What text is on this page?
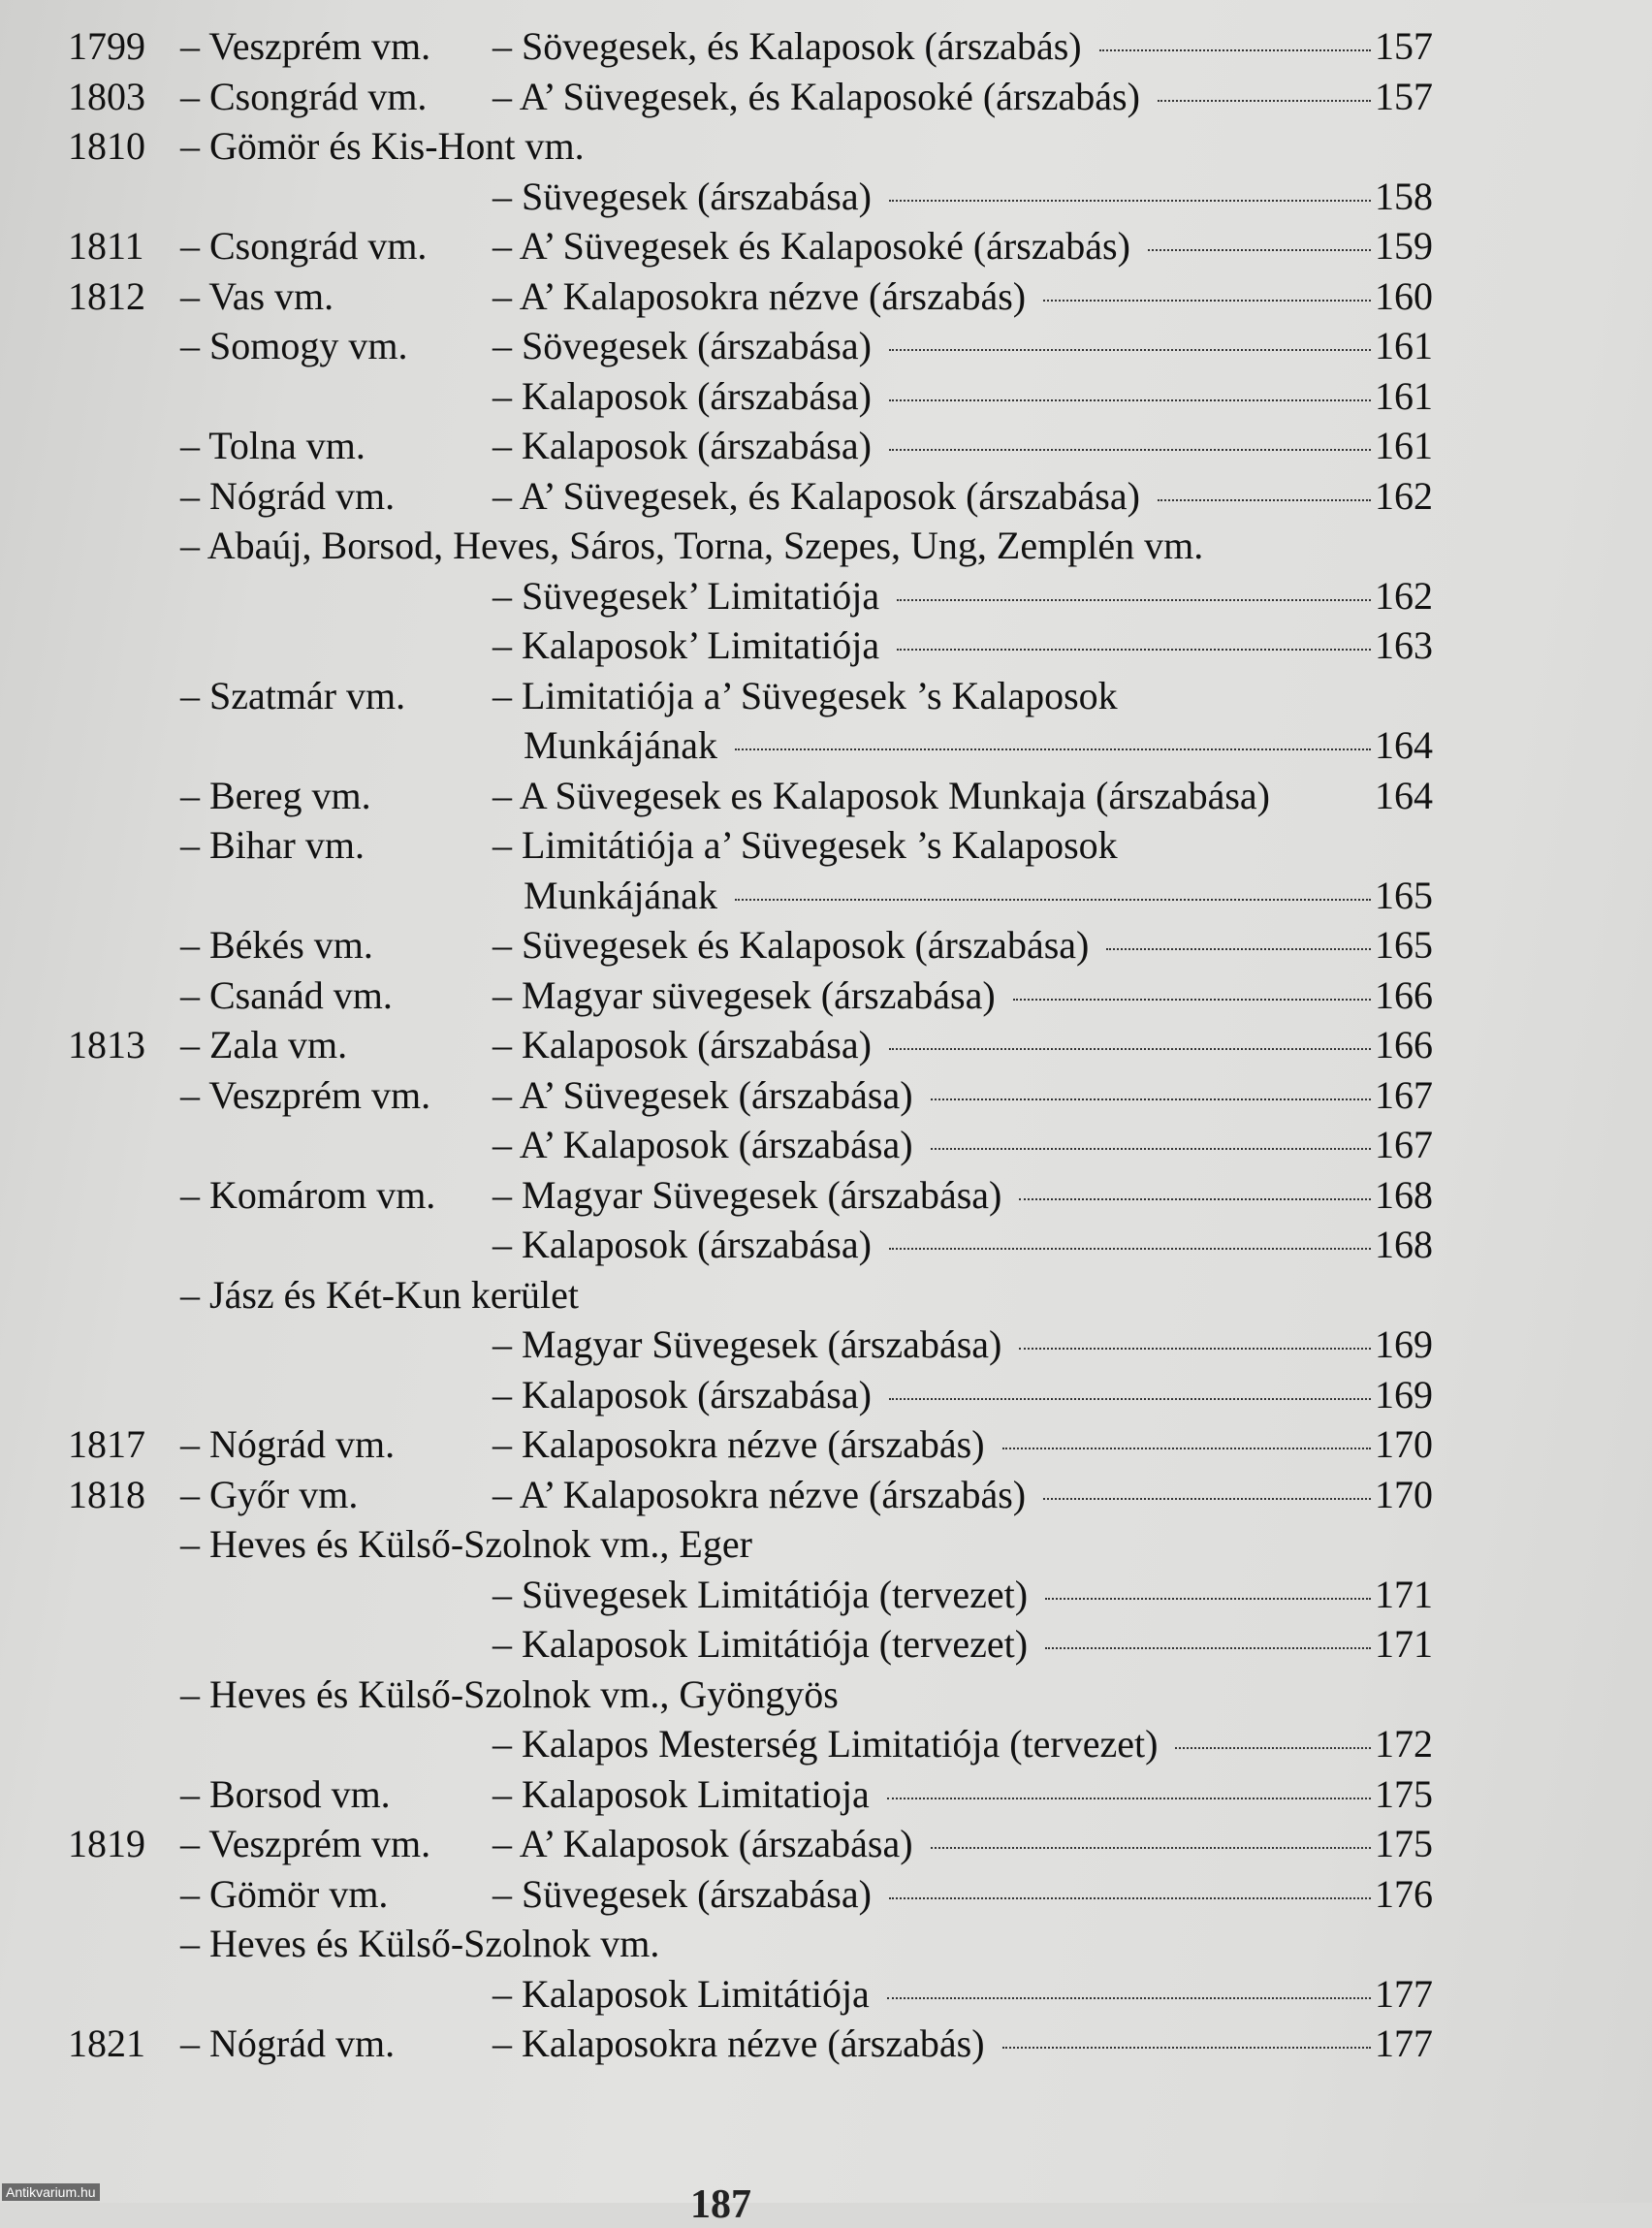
1799 – Veszprém vm. – Sövegesek, és Kalaposok (árszabás)	157
1803 – Csongrád vm. – A’ Süvegesek, és Kalaposoké (árszabás)	157
1810 – Gömör és Kis-Hont vm.
– Süvegesek (árszabása)	158
1811 – Csongrád vm. – A’ Süvegesek és Kalaposoké (árszabás)	159
1812 – Vas vm.	– A’ Kalaposokra nézve (árszabás)	160
– Somogy vm. – Sövegesek (árszabása)	161
– Kalaposok (árszabása)	161
– Tolna vm.	– Kalaposok (árszabása)	161
– Nógrád vm.	– A’ Süvegesek, és Kalaposok (árszabása)	162
– Abaúj, Borsod, Heves, Sáros, Torna, Szepes, Ung, Zemplén vm.
– Süvegesek’ Limitatiója	162
– Kalaposok’ Limitatiója	163
– Szatmár vm. – Limitatiója a’ Süvegesek ’s Kalaposok
Munkájának	164
– Bereg vm.	– A Süvegesek es Kalaposok Munkaja (árszabása)	164
– Bihar vm.	– Limitátiója a’ Süvegesek ’s Kalaposok
Munkájának	165
– Békés vm.	– Süvegesek és Kalaposok (árszabása)	165
– Csanád vm.	– Magyar süvegesek (árszabása)	166
1813 – Zala vm.	– Kalaposok (árszabása)	166
– Veszprém vm. – A’ Süvegesek (árszabása)	167
– A’ Kalaposok (árszabása)	167
– Komárom vm. – Magyar Süvegesek (árszabása)	168
– Kalaposok (árszabása)	168
– Jász és Két-Kun kerület
– Magyar Süvegesek (árszabása)	169
– Kalaposok (árszabása)	169
1817 – Nógrád vm.	– Kalaposokra nézve (árszabás)	170
1818 – Győr vm.	– A’ Kalaposokra nézve (árszabás)	170
– Heves és Külső-Szolnok vm., Eger
– Süvegesek Limitátiója (tervezet)	171
– Kalaposok Limitátiója (tervezet)	171
– Heves és Külső-Szolnok vm., Gyöngyös
– Kalapos Mesterség Limitatiója (tervezet)	172
– Borsod vm.	– Kalaposok Limitatioja	175
1819 – Veszprém vm. – A’ Kalaposok (árszabása)	175
– Gömör vm.	– Süvegesek (árszabása)	176
– Heves és Külső-Szolnok vm.
– Kalaposok Limitátiója	177
1821 – Nógrád vm.	– Kalaposokra nézve (árszabás)	177
187
Antikvarium.hu
